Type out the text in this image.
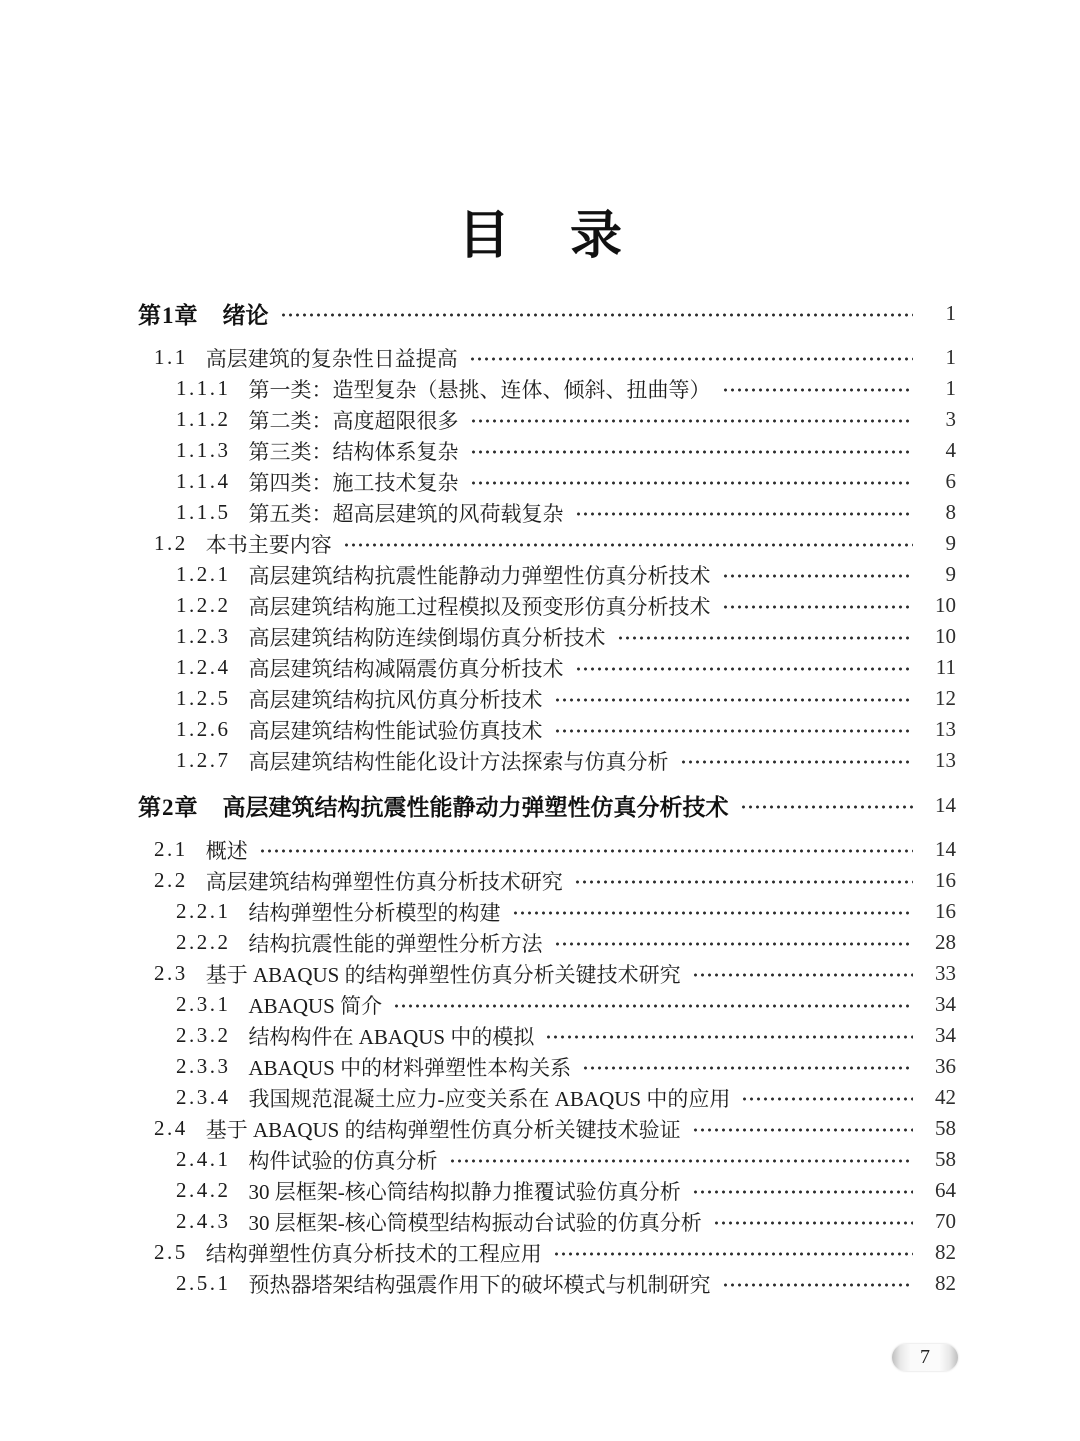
目录
第1章 绪论	1
1.1 高层建筑的复杂性日益提高	1
1.1.1 第一类：造型复杂（悬挑、连体、倾斜、扭曲等）	1
1.1.2 第二类：高度超限很多	3
1.1.3 第三类：结构体系复杂	4
1.1.4 第四类：施工技术复杂	6
1.1.5 第五类：超高层建筑的风荷载复杂	8
1.2 本书主要内容	9
1.2.1 高层建筑结构抗震性能静动力弹塑性仿真分析技术	9
1.2.2 高层建筑结构施工过程模拟及预变形仿真分析技术	10
1.2.3 高层建筑结构防连续倒塌仿真分析技术	10
1.2.4 高层建筑结构减隔震仿真分析技术	11
1.2.5 高层建筑结构抗风仿真分析技术	12
1.2.6 高层建筑结构性能试验仿真技术	13
1.2.7 高层建筑结构性能化设计方法探索与仿真分析	13
第2章 高层建筑结构抗震性能静动力弹塑性仿真分析技术	14
2.1 概述	14
2.2 高层建筑结构弹塑性仿真分析技术研究	16
2.2.1 结构弹塑性分析模型的构建	16
2.2.2 结构抗震性能的弹塑性分析方法	28
2.3 基于 ABAQUS 的结构弹塑性仿真分析关键技术研究	33
2.3.1 ABAQUS 简介	34
2.3.2 结构构件在 ABAQUS 中的模拟	34
2.3.3 ABAQUS 中的材料弹塑性本构关系	36
2.3.4 我国规范混凝土应力-应变关系在 ABAQUS 中的应用	42
2.4 基于 ABAQUS 的结构弹塑性仿真分析关键技术验证	58
2.4.1 构件试验的仿真分析	58
2.4.2 30 层框架-核心筒结构拟静力推覆试验仿真分析	64
2.4.3 30 层框架-核心筒模型结构振动台试验的仿真分析	70
2.5 结构弹塑性仿真分析技术的工程应用	82
2.5.1 预热器塔架结构强震作用下的破坏模式与机制研究	82
7
